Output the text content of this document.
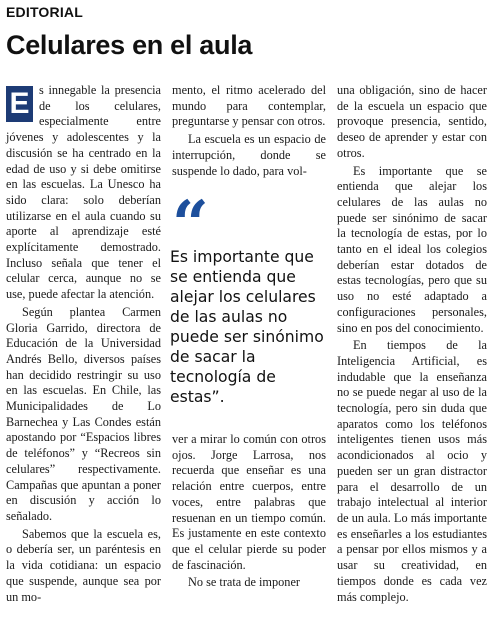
EDITORIAL
Celulares en el aula

E s innegable la presencia de los celulares, especialmente entre jóvenes y adolescentes y la discusión se ha centrado en la edad de uso y si debe omitirse en las escuelas. La Unesco ha sido clara: solo deberían utilizarse en el aula cuando su aporte al aprendizaje esté explícitamente demostrado. Incluso señala que tener el celular cerca, aunque no se use, puede afectar la atención.

Según plantea Carmen Gloria Garrido, directora de Educación de la Universidad Andrés Bello, diversos países han decidido restringir su uso en las escuelas. En Chile, las Municipalidades de Lo Barnechea y Las Condes están apostando por “Espacios libres de teléfonos” y “Recreos sin celulares” respectivamente. Campañas que apuntan a poner en discusión y acción lo señalado.

Sabemos que la escuela es, o debería ser, un paréntesis en la vida cotidiana: un espacio que suspende, aunque sea por un mo-

mento, el ritmo acelerado del mundo para contemplar, preguntarse y pensar con otros.

La escuela es un espacio de interrupción, donde se suspende lo dado, para vol-

“
Es importante que se entienda que alejar los celulares de las aulas no puede ser sinónimo de sacar la tecnología de estas”.

ver a mirar lo común con otros ojos. Jorge Larrosa, nos recuerda que enseñar es una relación entre cuerpos, entre voces, entre palabras que resuenan en un tiempo común. Es justamente en este contexto que el celular pierde su poder de fascinación.

No se trata de imponer

una obligación, sino de hacer de la escuela un espacio que provoque presencia, sentido, deseo de aprender y estar con otros.

Es importante que se entienda que alejar los celulares de las aulas no puede ser sinónimo de sacar la tecnología de estas, por lo tanto en el ideal los colegios deberían estar dotados de estas tecnologías, pero que su uso no esté adaptado a configuraciones personales, sino en pos del conocimiento.

En tiempos de la Inteligencia Artificial, es indudable que la enseñanza no se puede negar al uso de la tecnología, pero sin duda que aparatos como los teléfonos inteligentes tienen usos más acondicionados al ocio y pueden ser un gran distractor para el desarrollo de un trabajo intelectual al interior de un aula. Lo más importante es enseñarles a los estudiantes a pensar por ellos mismos y a usar su creatividad, en tiempos donde es cada vez más complejo.
